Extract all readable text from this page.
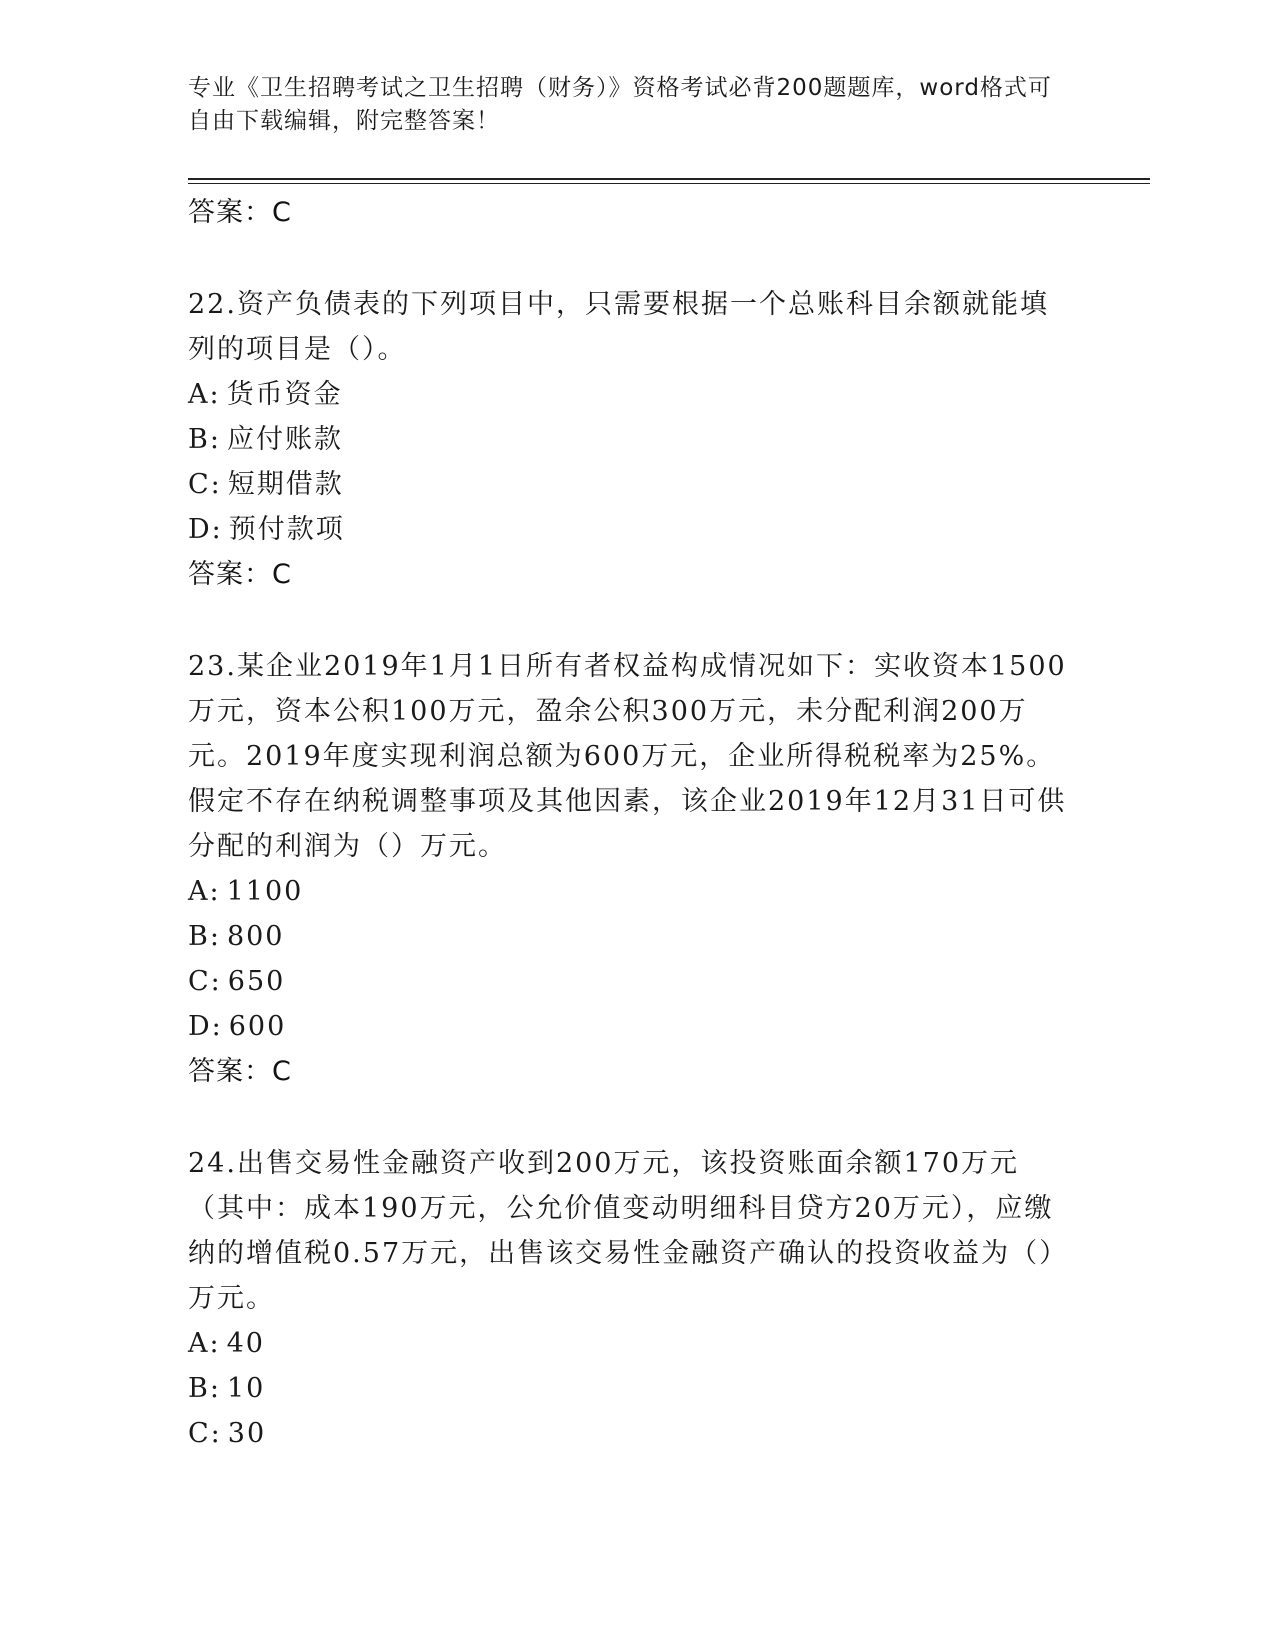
专业《卫生招聘考试之卫生招聘（财务）》资格考试必背200题题库，word格式可自由下载编辑，附完整答案！
答案：C
22.资产负债表的下列项目中，只需要根据一个总账科目余额就能填列的项目是（）。
A: 货币资金
B: 应付账款
C: 短期借款
D: 预付款项
答案：C
23.某企业2019年1月1日所有者权益构成情况如下：实收资本1500万元，资本公积100万元，盈余公积300万元，未分配利润200万元。2019年度实现利润总额为600万元，企业所得税税率为25%。假定不存在纳税调整事项及其他因素，该企业2019年12月31日可供分配的利润为（）万元。
A: 1100
B: 800
C: 650
D: 600
答案：C
24.出售交易性金融资产收到200万元，该投资账面余额170万元（其中：成本190万元，公允价值变动明细科目贷方20万元），应缴纳的增值税0.57万元，出售该交易性金融资产确认的投资收益为（）万元。
A: 40
B: 10
C: 30
